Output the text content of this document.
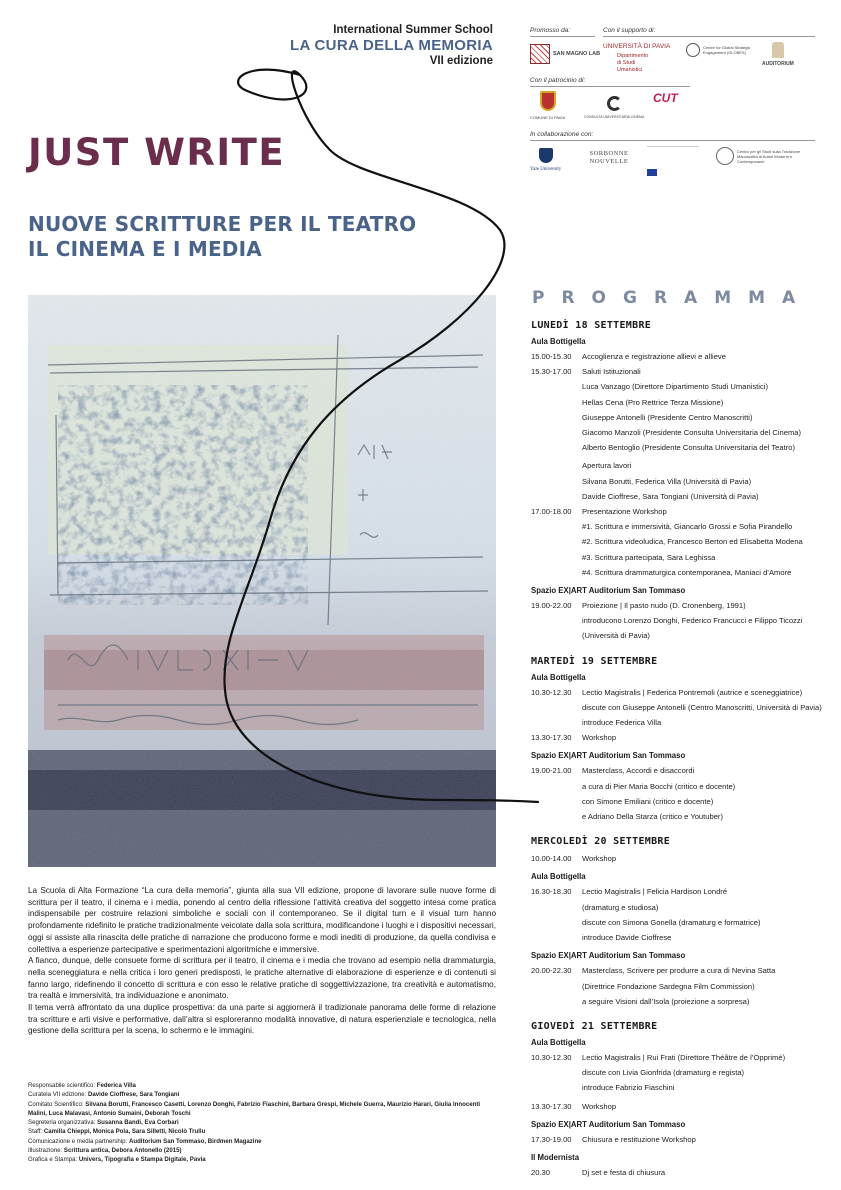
International Summer School
LA CURA DELLA MEMORIA
VII edizione
JUST WRITE
NUOVE SCRITTURE PER IL TEATRO
IL CINEMA E I MEDIA
Promosso da:	Con il supporto di:
SAN MAGNO LAB
UNIVERSITÀ DI PAVIA
Dipartimento di Studi Umanistici
Centre for Global Strategic Engagement (GLOBES)
AUDITORIUM
Con il patrocinio di:
COMUNE DI PAVIA	CONSULTA UNIVERSITARIA CINEMA
CUT
In collaborazione con:
Yale University
SORBONNE NOUVELLE
Centro per gli Studi sulla Tradizione Manoscritta di Autori Moderni e Contemporanei

La Scuola di Alta Formazione “La cura della memoria”, giunta alla sua VII edizione, propone di lavorare sulle nuove forme di scrittura per il teatro, il cinema e i media, ponendo al centro della riflessione l’attività creativa del soggetto intesa come pratica indispensabile per costruire relazioni simboliche e sociali con il contemporaneo. Se il digital turn e il visual turn hanno profondamente ridefinito le pratiche tradizionalmente veicolate dalla sola scrittura, modificandone i luoghi e i dispositivi necessari, oggi si assiste alla rinascita delle pratiche di narrazione che producono forme e modi inediti di produzione, da quella condivisa e collettiva a esperienze partecipative e sperimentazioni algoritmiche e immersive.

A fianco, dunque, delle consuete forme di scrittura per il teatro, il cinema e i media che trovano ad esempio nella drammaturgia, nella sceneggiatura e nella critica i loro generi predisposti, le pratiche alternative di elaborazione di esperienze e di contenuti si fanno largo, ridefinendo il concetto di scrittura e con esso le relative pratiche di soggettivizzazione, tra creatività e automatismo, tra realtà e immersività, tra individuazione e anonimato.

Il tema verrà affrontato da una duplice prospettiva: da una parte si aggiornerà il tradizionale panorama delle forme di relazione tra scritture e arti visive e performative, dall’altra si esploreranno modalità innovative, di natura esperienziale e tecnologica, nella gestione della scrittura per la scena, lo schermo e le immagini.

Responsabile scientifico: Federica Villa
Curatela VII edizione: Davide Cioffrese, Sara Tongiani
Comitato Scientifico: Silvana Borutti, Francesco Casetti, Lorenzo Donghi, Fabrizio Fiaschini, Barbara Grespi, Michele Guerra, Maurizio Harari, Giulia Innocenti Malini, Luca Malavasi, Antonio Sumaini, Deborah Toschi
Segreteria organizzativa: Susanna Bandi, Eva Corbari
Staff: Camilla Chieppi, Monica Pola, Sara Silletti, Nicolò Trullu
Comunicazione e media partnership: Auditorium San Tommaso, Birdmen Magazine
Illustrazione: Scrittura antica, Debora Antonello (2015)
Grafica e Stampa: Univers, Tipografia e Stampa Digitale, Pavia
PROGRAMMA
LUNEDÌ 18 SETTEMBRE
Aula Bottigella
15.00-15.30	Accoglienza e registrazione allievi e allieve
15.30-17.00	Saluti Istituzionali
Luca Vanzago (Direttore Dipartimento Studi Umanistici)
Hellas Cena (Pro Rettrice Terza Missione)
Giuseppe Antonelli (Presidente Centro Manoscritti)
Giacomo Manzoli (Presidente Consulta Universitaria del Cinema)
Alberto Bentoglio (Presidente Consulta Universitaria del Teatro)
Apertura lavori
Silvana Borutti, Federica Villa (Università di Pavia)
Davide Cioffrese, Sara Tongiani (Università di Pavia)
17.00-18.00	Presentazione Workshop
#1. Scrittura e immersività, Giancarlo Grossi e Sofia Pirandello
#2. Scrittura videoludica, Francesco Berton ed Elisabetta Modena
#3. Scrittura partecipata, Sara Leghissa
#4. Scrittura drammaturgica contemporanea, Maniaci d’Amore
Spazio EX|ART Auditorium San Tommaso
19.00-22.00	Proiezione | Il pasto nudo (D. Cronenberg, 1991)
introducono Lorenzo Donghi, Federico Francucci e Filippo Ticozzi
(Università di Pavia)
MARTEDÌ 19 SETTEMBRE
Aula Bottigella
10.30-12.30	Lectio Magistralis | Federica Pontremoli (autrice e sceneggiatrice)
discute con Giuseppe Antonelli (Centro Manoscritti, Università di Pavia)
introduce Federica Villa
13.30-17.30	Workshop
Spazio EX|ART Auditorium San Tommaso
19.00-21.00	Masterclass, Accordi e disaccordi
a cura di Pier Maria Bocchi (critico e docente)
con Simone Emiliani (critico e docente)
e Adriano Della Starza (critico e Youtuber)
MERCOLEDÌ 20 SETTEMBRE
10.00-14.00	Workshop
Aula Bottigella
16.30-18.30	Lectio Magistralis | Felicia Hardison Londré
(dramaturg e studiosa)
discute con Simona Gonella (dramaturg e formatrice)
introduce Davide Cioffrese
Spazio EX|ART Auditorium San Tommaso
20.00-22.30	Masterclass, Scrivere per produrre a cura di Nevina Satta
(Direttrice Fondazione Sardegna Film Commission)
a seguire Visioni dall’Isola (proiezione a sorpresa)
GIOVEDÌ 21 SETTEMBRE
Aula Bottigella
10.30-12.30	Lectio Magistralis | Rui Frati (Direttore Théâtre de l’Opprimé)
discute con Livia Gionfrida (dramaturg e regista)
introduce Fabrizio Fiaschini
13.30-17.30	Workshop
Spazio EX|ART Auditorium San Tommaso
17.30-19.00	Chiusura e restituzione Workshop
Il Modernista
20.30	Dj set e festa di chiusura
